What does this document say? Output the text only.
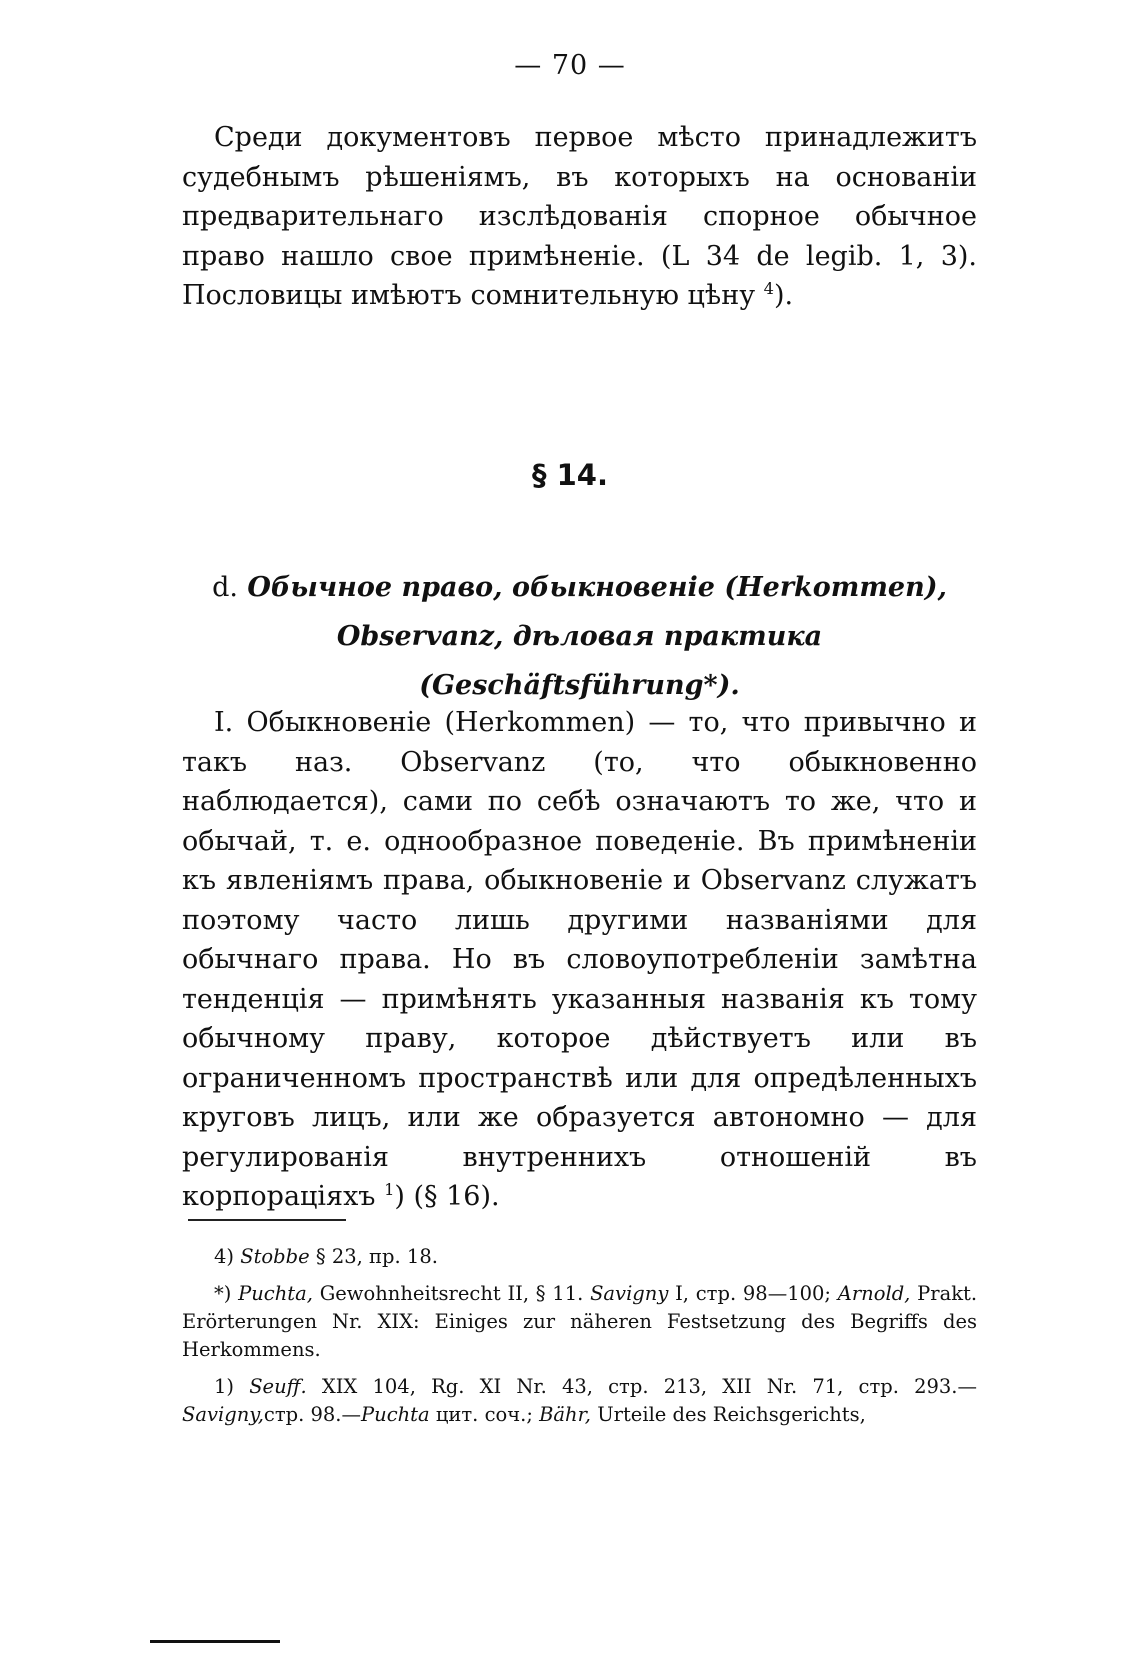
— 70 —

Среди документовъ первое мѣсто принадлежитъ судебнымъ рѣшеніямъ, въ которыхъ на основаніи предварительнаго изслѣдованія спорное обычное право нашло свое примѣненіе. (L 34 de legib. 1, 3). Пословицы имѣютъ сомнительную цѣну $^4$).

§ 14.
d. Обычное право, обыкновеніе (Herkommen), Observanz, дѣловая практика (Geschäftsführung*).

I. Обыкновеніе (Herkommen) — то, что привычно и такъ наз. Observanz (то, что обыкновенно наблюдается), сами по себѣ означаютъ то же, что и обычай, т. е. однообразное поведеніе. Въ примѣненіи къ явленіямъ права, обыкновеніе и Observanz служатъ поэтому часто лишь другими названіями для обычнаго права. Но въ словоупотребленіи замѣтна тенденція — примѣнять указанныя названія къ тому обычному праву, которое дѣйствуетъ или въ ограниченномъ пространствѣ или для опредѣленныхъ круговъ лицъ, или же образуется автономно — для регулированія внутреннихъ отношеній въ корпораціяхъ $^1$) (§ 16).

4) Stobbe § 23, пр. 18.

*) Puchta, Gewohnheitsrecht II, § 11. Savigny I, стр. 98—100; Arnold, Prakt. Erörterungen Nr. XIX: Einiges zur näheren Festsetzung des Begriffs des Herkommens.

1) Seuff. XIX 104, Rg. XI Nr. 43, стр. 213, XII Nr. 71, стр. 293.— Savigny,стр. 98.—Puchta цит. соч.; Bähr, Urteile des Reichsgerichts,
